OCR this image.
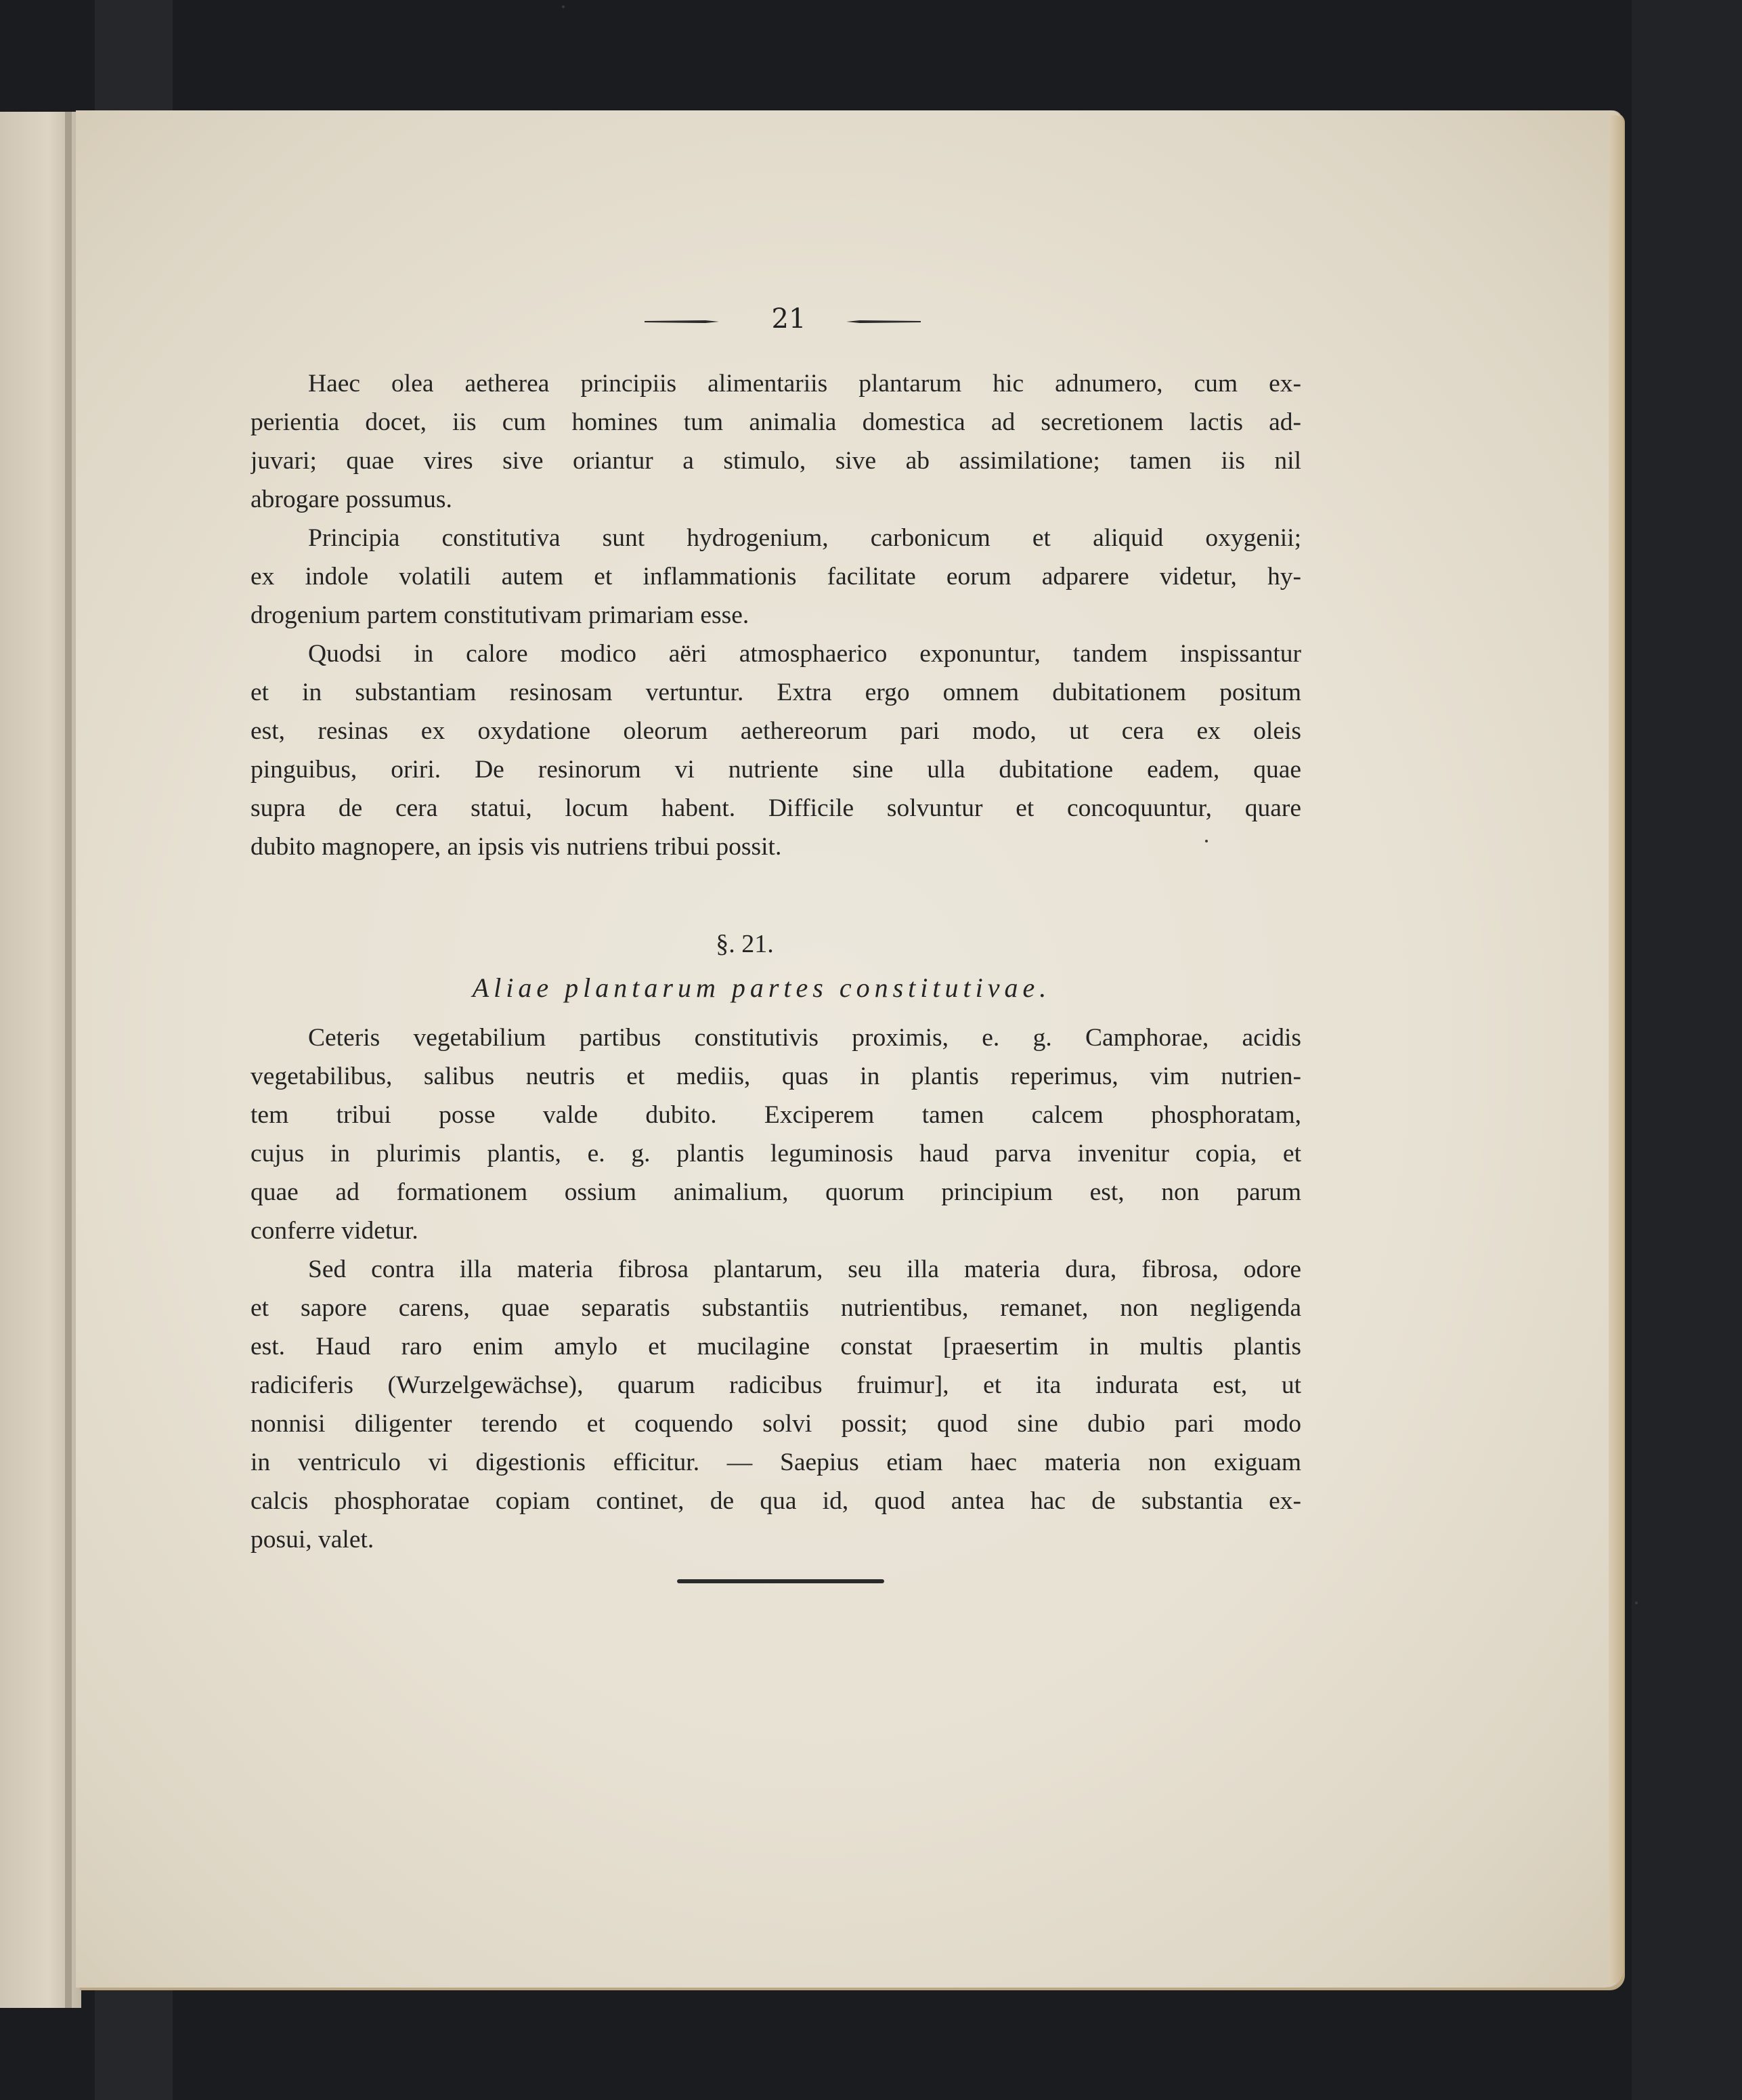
21
Haec olea aetherea principiis alimentariis plantarum hic adnumero, cum ex-
perientia docet, iis cum homines tum animalia domestica ad secretionem lactis ad-
juvari; quae vires sive oriantur a stimulo, sive ab assimilatione; tamen iis nil
abrogare possumus.
Principia constitutiva sunt hydrogenium, carbonicum et aliquid oxygenii;
ex indole volatili autem et inflammationis facilitate eorum adparere videtur, hy-
drogenium partem constitutivam primariam esse.
Quodsi in calore modico aëri atmosphaerico exponuntur, tandem inspissantur
et in substantiam resinosam vertuntur. Extra ergo omnem dubitationem positum
est, resinas ex oxydatione oleorum aethereorum pari modo, ut cera ex oleis
pinguibus, oriri. De resinorum vi nutriente sine ulla dubitatione eadem, quae
supra de cera statui, locum habent. Difficile solvuntur et concoquuntur, quare
dubito magnopere, an ipsis vis nutriens tribui possit.
§. 21.
Aliae plantarum partes constitutivae.
Ceteris vegetabilium partibus constitutivis proximis, e. g. Camphorae, acidis
vegetabilibus, salibus neutris et mediis, quas in plantis reperimus, vim nutrien-
tem tribui posse valde dubito. Exciperem tamen calcem phosphoratam,
cujus in plurimis plantis, e. g. plantis leguminosis haud parva invenitur copia, et
quae ad formationem ossium animalium, quorum principium est, non parum
conferre videtur.
Sed contra illa materia fibrosa plantarum, seu illa materia dura, fibrosa, odore
et sapore carens, quae separatis substantiis nutrientibus, remanet, non negligenda
est. Haud raro enim amylo et mucilagine constat [praesertim in multis plantis
radiciferis (Wurzelgewächse), quarum radicibus fruimur], et ita indurata est, ut
nonnisi diligenter terendo et coquendo solvi possit; quod sine dubio pari modo
in ventriculo vi digestionis efficitur. — Saepius etiam haec materia non exiguam
calcis phosphoratae copiam continet, de qua id, quod antea hac de substantia ex-
posui, valet.
